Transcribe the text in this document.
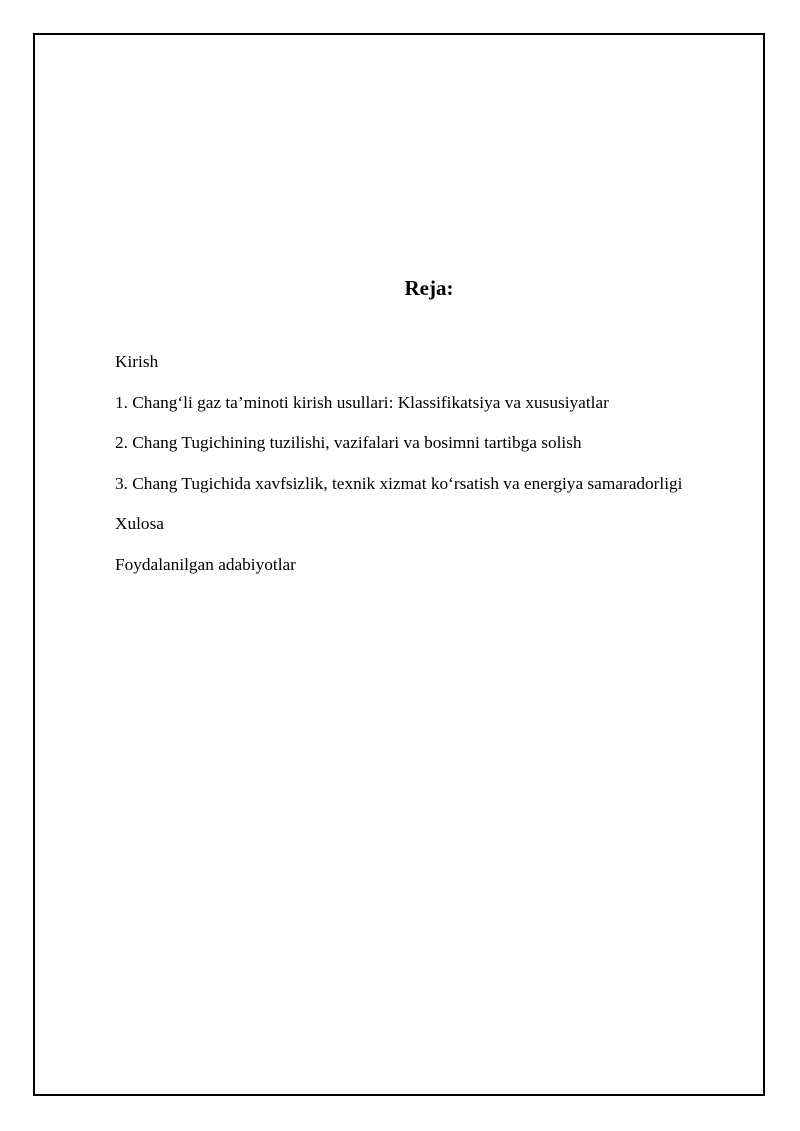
Reja:
Kirish
1. Chang‘li gaz ta’minoti kirish usullari: Klassifikatsiya va xususiyatlar
2. Chang Tugichining tuzilishi, vazifalari va bosimni tartibga solish
3. Chang Tugichida xavfsizlik, texnik xizmat ko‘rsatish va energiya samaradorligi
Xulosa
Foydalanilgan adabiyotlar
